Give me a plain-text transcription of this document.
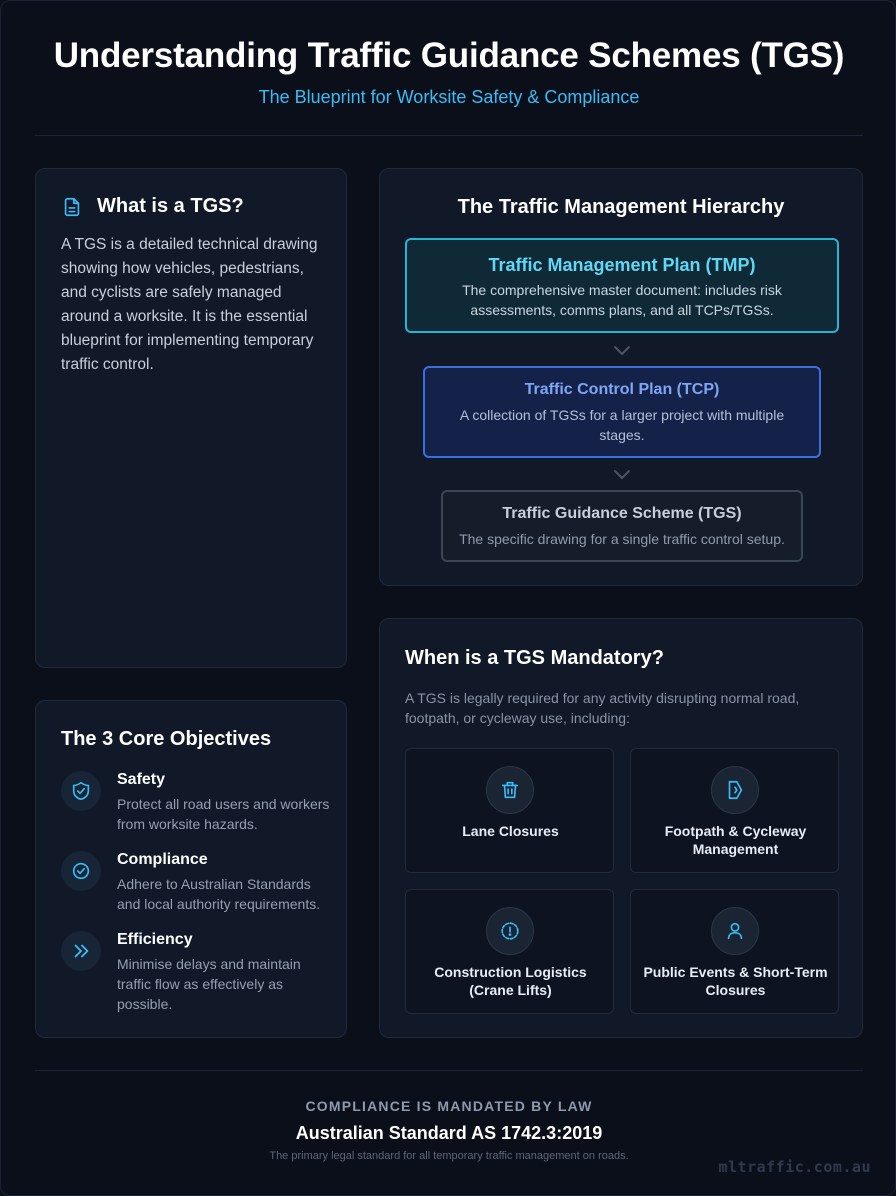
Understanding Traffic Guidance Schemes (TGS)
The Blueprint for Worksite Safety & Compliance
What is a TGS?

A TGS is a detailed technical drawing showing how vehicles, pedestrians, and cyclists are safely managed around a worksite. It is the essential blueprint for implementing temporary traffic control.

The 3 Core Objectives
Safety

Protect all road users and workers from worksite hazards.

Compliance

Adhere to Australian Standards and local authority requirements.

Efficiency

Minimise delays and maintain traffic flow as effectively as possible.

The Traffic Management Hierarchy
Traffic Management Plan (TMP)

The comprehensive master document: includes risk assessments, comms plans, and all TCPs/TGSs.

Traffic Control Plan (TCP)

A collection of TGSs for a larger project with multiple stages.

Traffic Guidance Scheme (TGS)

The specific drawing for a single traffic control setup.

When is a TGS Mandatory?

A TGS is legally required for any activity disrupting normal road, footpath, or cycleway use, including:

Lane Closures	Footpath & Cycleway Management
Construction Logistics (Crane Lifts)
Public Events & Short-Term Closures
COMPLIANCE IS MANDATED BY LAW
Australian Standard AS 1742.3:2019
The primary legal standard for all temporary traffic management on roads.
mltraffic.com.au
